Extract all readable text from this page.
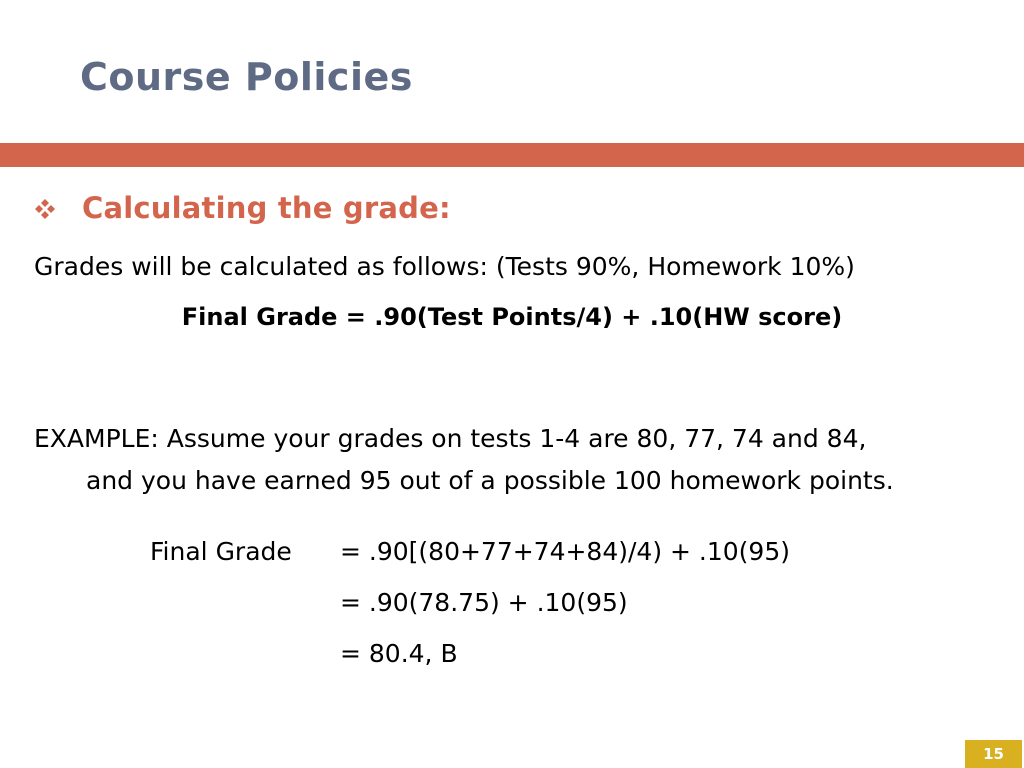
Course Policies
Calculating the grade:
Grades will be calculated as follows: (Tests 90%, Homework 10%)
Final Grade = .90(Test Points/4) + .10(HW score)
EXAMPLE: Assume your grades on tests 1-4 are 80, 77, 74 and 84,
and you have earned 95 out of a possible 100 homework points.
Final Grade = .90[(80+77+74+84)/4) + .10(95)
= .90(78.75) + .10(95)
= 80.4, B
15
